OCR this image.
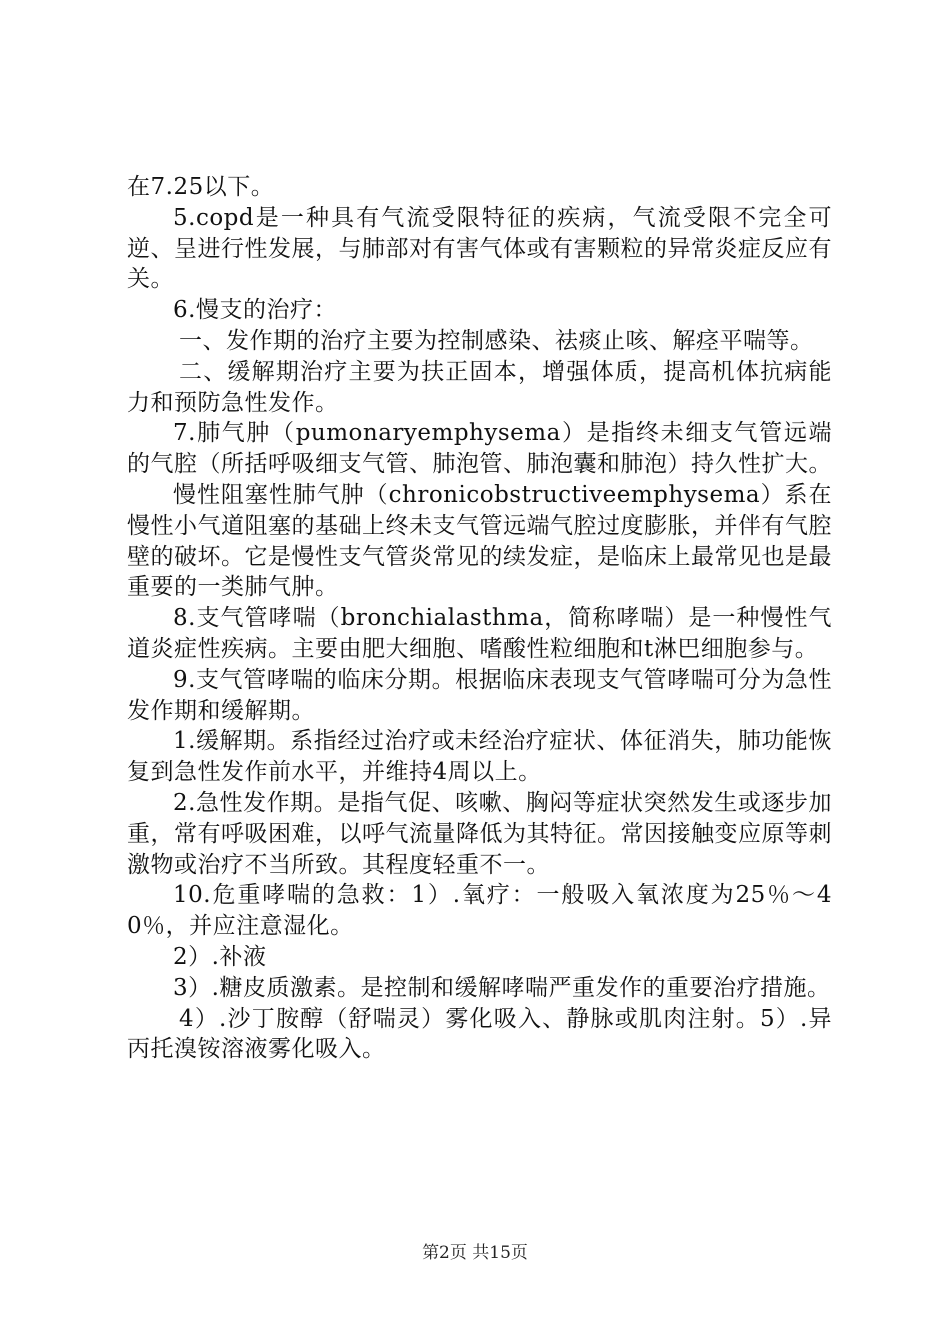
在7.25以下。

5.copd是一种具有气流受限特征的疾病，气流受限不完全可逆、呈进行性发展，与肺部对有害气体或有害颗粒的异常炎症反应有关。

6.慢支的治疗：

一、发作期的治疗主要为控制感染、祛痰止咳、解痉平喘等。

二、缓解期治疗主要为扶正固本，增强体质，提高机体抗病能力和预防急性发作。

7.肺气肿（pumonaryemphysema）是指终未细支气管远端的气腔（所括呼吸细支气管、肺泡管、肺泡囊和肺泡）持久性扩大。

慢性阻塞性肺气肿（chronicobstructiveemphysema）系在慢性小气道阻塞的基础上终未支气管远端气腔过度膨胀，并伴有气腔壁的破坏。它是慢性支气管炎常见的续发症，是临床上最常见也是最重要的一类肺气肿。

8.支气管哮喘（bronchialasthma，简称哮喘）是一种慢性气道炎症性疾病。主要由肥大细胞、嗜酸性粒细胞和t淋巴细胞参与。

9.支气管哮喘的临床分期。根据临床表现支气管哮喘可分为急性发作期和缓解期。

1.缓解期。系指经过治疗或未经治疗症状、体征消失，肺功能恢复到急性发作前水平，并维持4周以上。

2.急性发作期。是指气促、咳嗽、胸闷等症状突然发生或逐步加重，常有呼吸困难，以呼气流量降低为其特征。常因接触变应原等刺激物或治疗不当所致。其程度轻重不一。

10.危重哮喘的急救：1）.氧疗：一般吸入氧浓度为25％～40％，并应注意湿化。

2）.补液

3）.糖皮质激素。是控制和缓解哮喘严重发作的重要治疗措施。

4）.沙丁胺醇（舒喘灵）雾化吸入、静脉或肌肉注射。5）.异丙托溴铵溶液雾化吸入。

第2页 共15页
